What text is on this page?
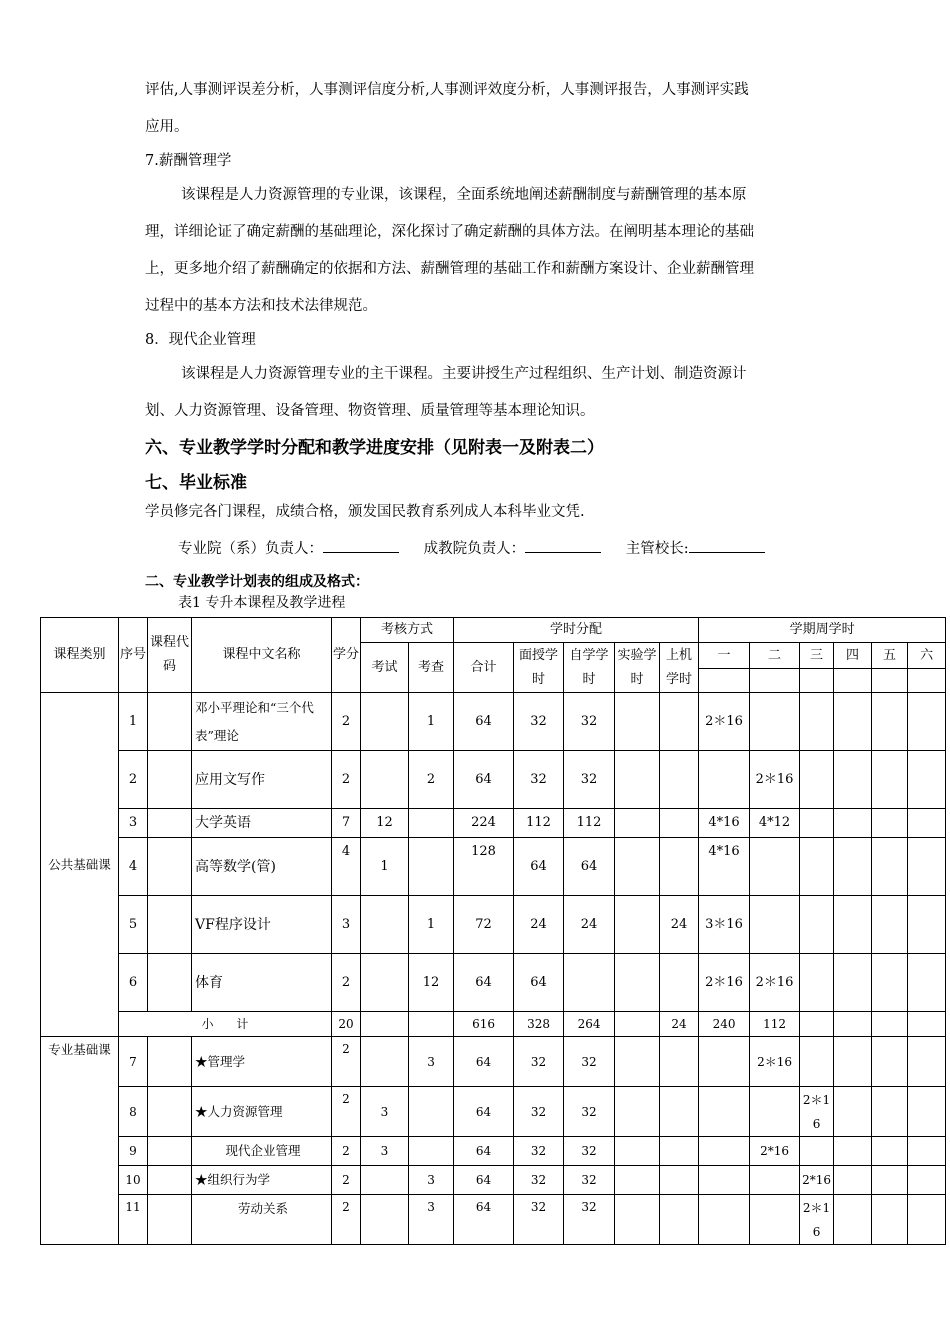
评估,人事测评误差分析，人事测评信度分析,人事测评效度分析，人事测评报告，人事测评实践
应用。
7.薪酬管理学
该课程是人力资源管理的专业课，该课程，全面系统地阐述薪酬制度与薪酬管理的基本原
理，详细论证了确定薪酬的基础理论，深化探讨了确定薪酬的具体方法。在阐明基本理论的基础
上，更多地介绍了薪酬确定的依据和方法、薪酬管理的基础工作和薪酬方案设计、企业薪酬管理
过程中的基本方法和技术法律规范。
8．现代企业管理
该课程是人力资源管理专业的主干课程。主要讲授生产过程组织、生产计划、制造资源计
划、人力资源管理、设备管理、物资管理、质量管理等基本理论知识。
六、专业教学学时分配和教学进度安排（见附表一及附表二）
七、毕业标准
学员修完各门课程，成绩合格，颁发国民教育系列成人本科毕业文凭.
专业院（系）负责人：	成教院负责人：	主管校长:
二、专业教学计划表的组成及格式：
表1 专升本课程及教学进程
课程类别	序号	课程代码	课程中文名称	学分	考核方式		学时分配					学期周学时					
					考试	考查	合计	面授学时	自学学时	实验学时	上机学时	一	二	三	四	五	六

公共基础课	1		邓小平理论和“三个代表”理论	2		1	64	32	32			2＊16					
	2		应用文写作	2		2	64	32	32				2＊16				
	3		大学英语	7	12		224	112	112			4*16	4*12				
	4		高等数学(管)	4	1		128	64	64			4*16					
	5		VF程序设计	3		1	72	24	24		24	3＊16					
	6		体育	2		12	64	64				2＊16	2＊16				
	小      计			20			616	328	264		24	240	112				
专业基础课	7		★管理学	2		3	64	32	32				2＊16				
	8		★人力资源管理	2	3		64	32	32					2＊16			
	9		现代企业管理	2	3		64	32	32				2*16				
	10		★组织行为学	2		3	64	32	32					2*16			
	11		劳动关系	2		3	64	32	32					2＊16			
